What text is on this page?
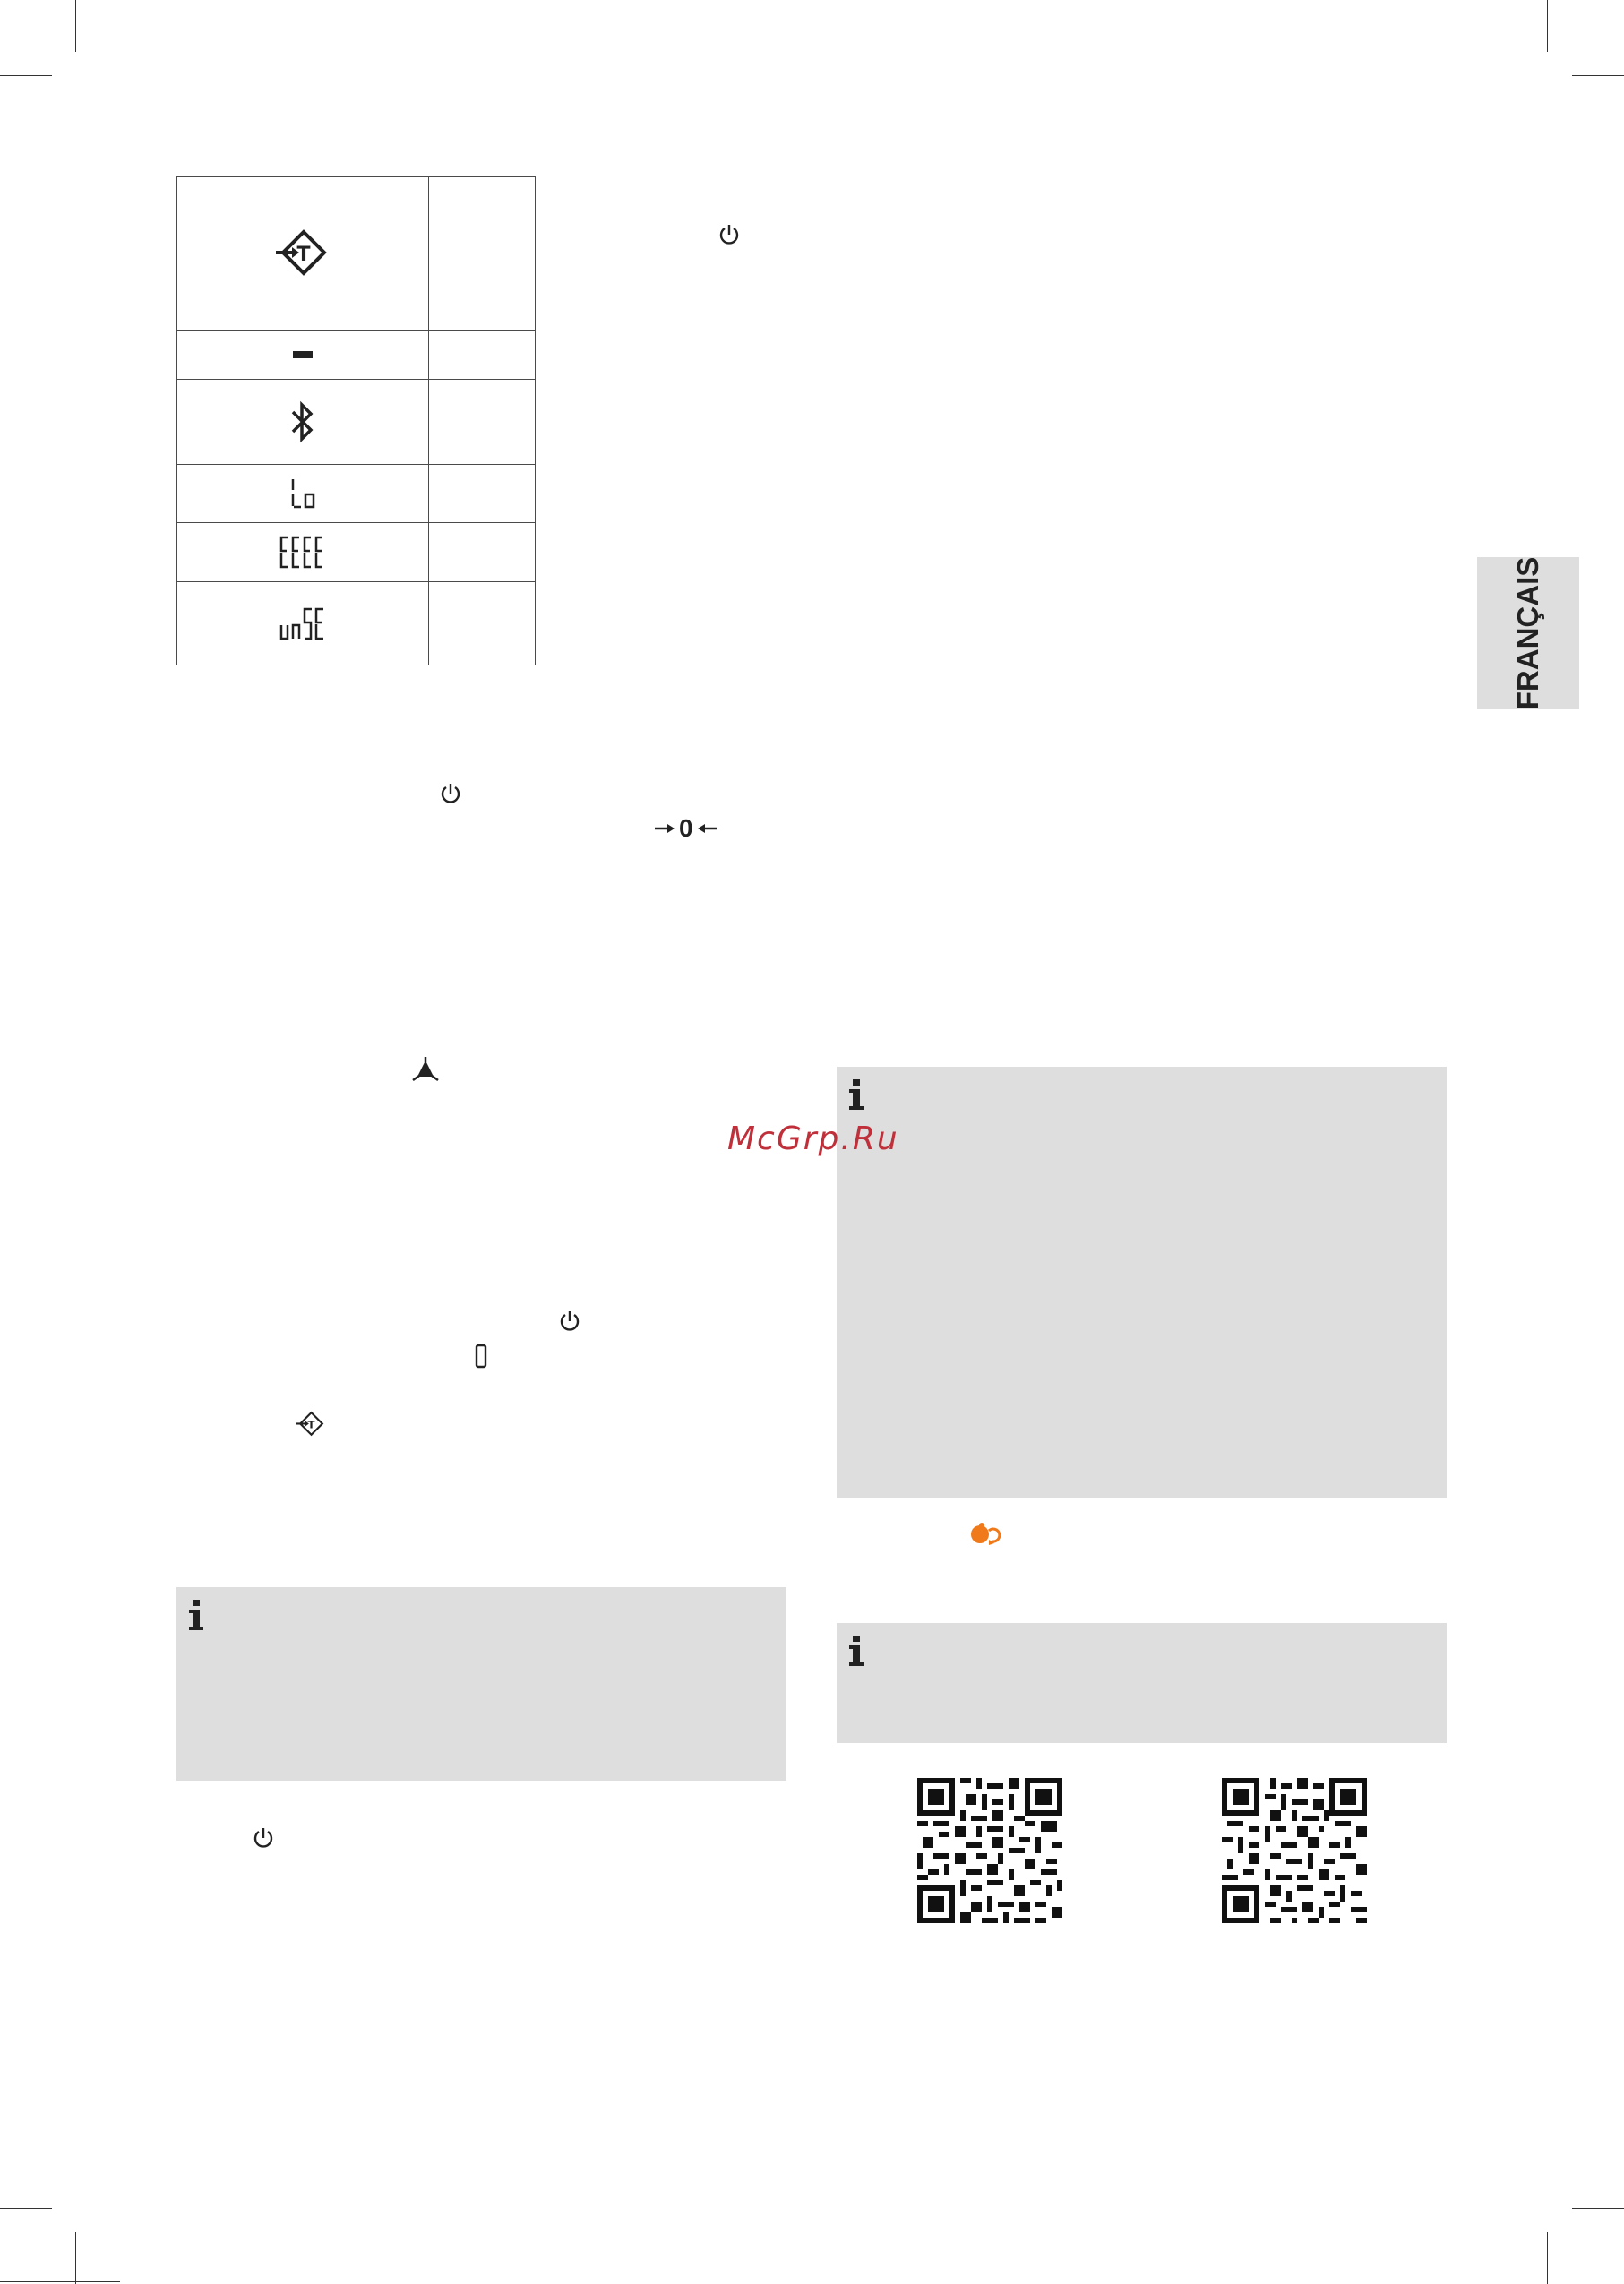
FRANÇAIS
T
0
T
McGrp.Ru
